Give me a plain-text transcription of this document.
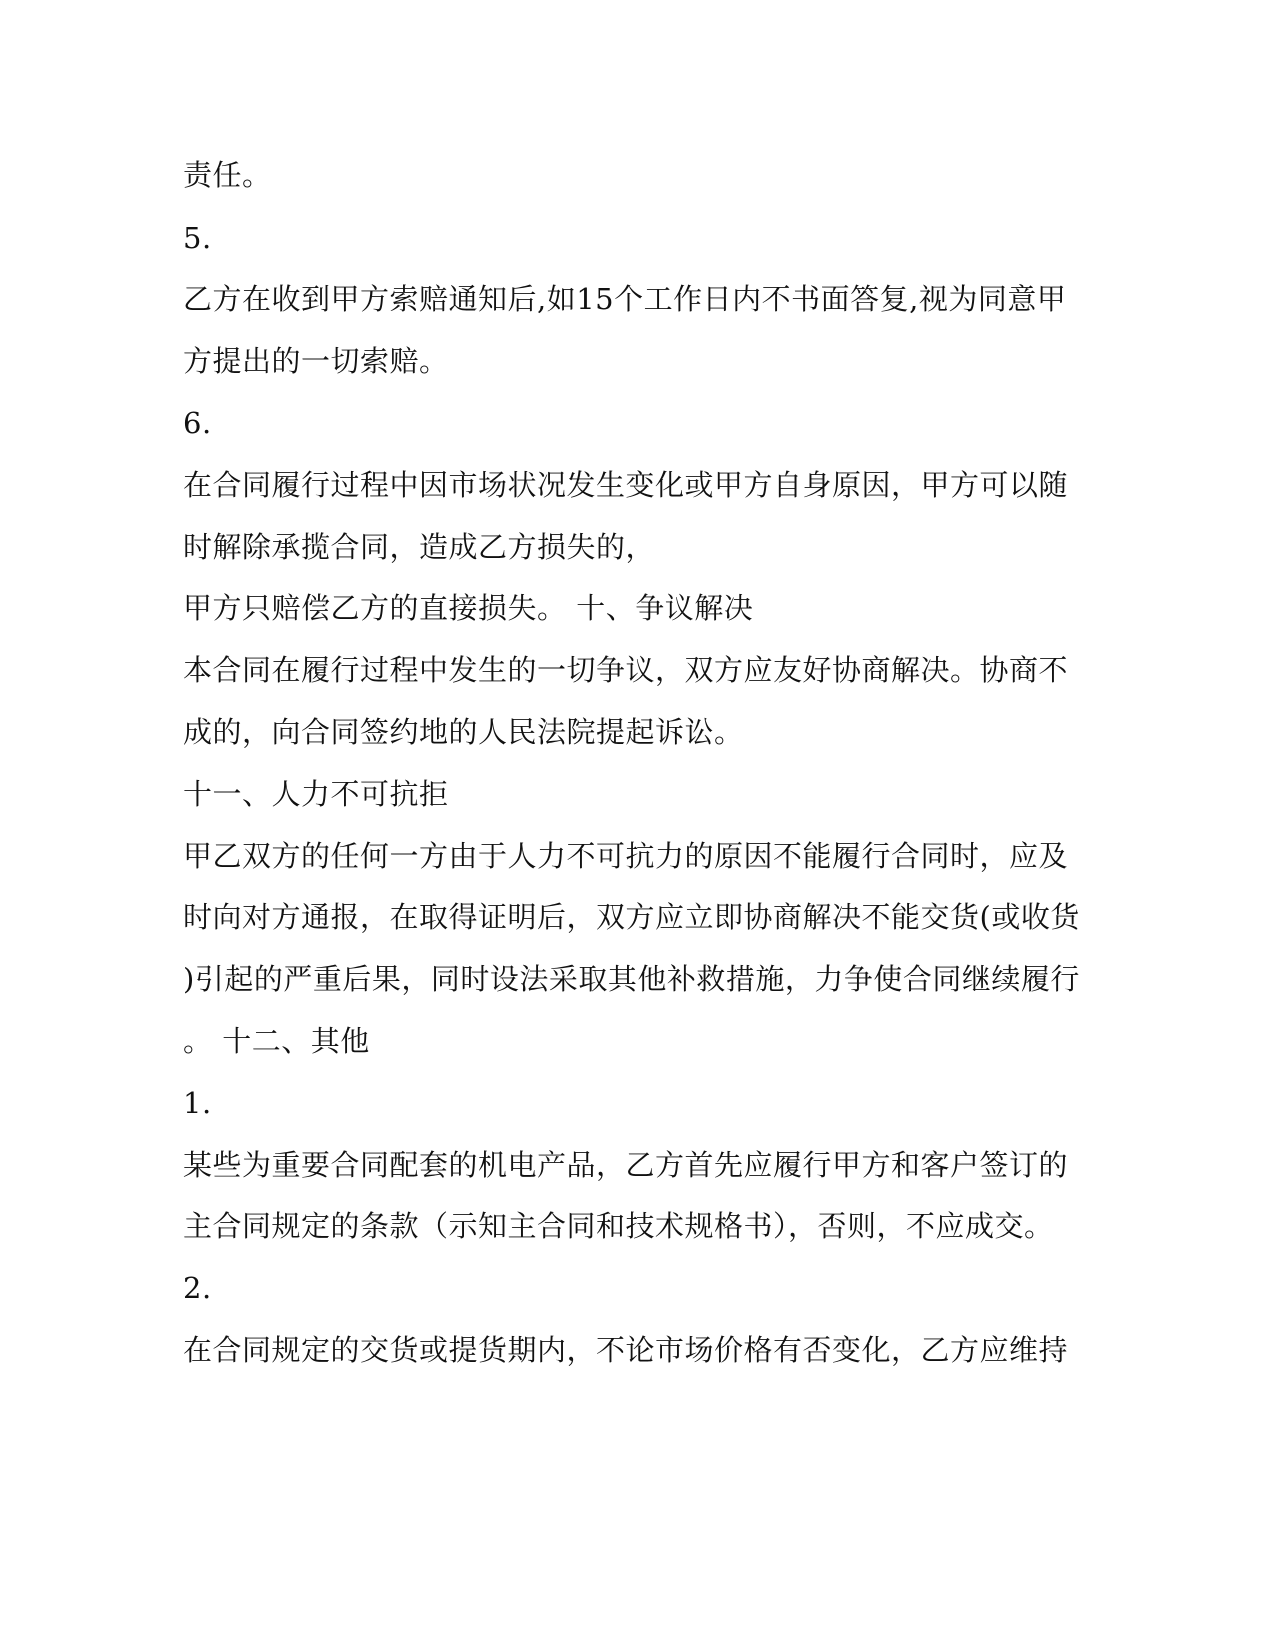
责任。

5.

乙方在收到甲方索赔通知后,如15个工作日内不书面答复,视为同意甲

方提出的一切索赔。

6.

在合同履行过程中因市场状况发生变化或甲方自身原因，甲方可以随

时解除承揽合同，造成乙方损失的，

甲方只赔偿乙方的直接损失。 十、争议解决

本合同在履行过程中发生的一切争议，双方应友好协商解决。协商不

成的，向合同签约地的人民法院提起诉讼。

十一、人力不可抗拒

甲乙双方的任何一方由于人力不可抗力的原因不能履行合同时，应及

时向对方通报，在取得证明后，双方应立即协商解决不能交货(或收货

)引起的严重后果，同时设法采取其他补救措施，力争使合同继续履行

。 十二、其他

1.

某些为重要合同配套的机电产品，乙方首先应履行甲方和客户签订的

主合同规定的条款（示知主合同和技术规格书），否则，不应成交。

2.

在合同规定的交货或提货期内，不论市场价格有否变化，乙方应维持
